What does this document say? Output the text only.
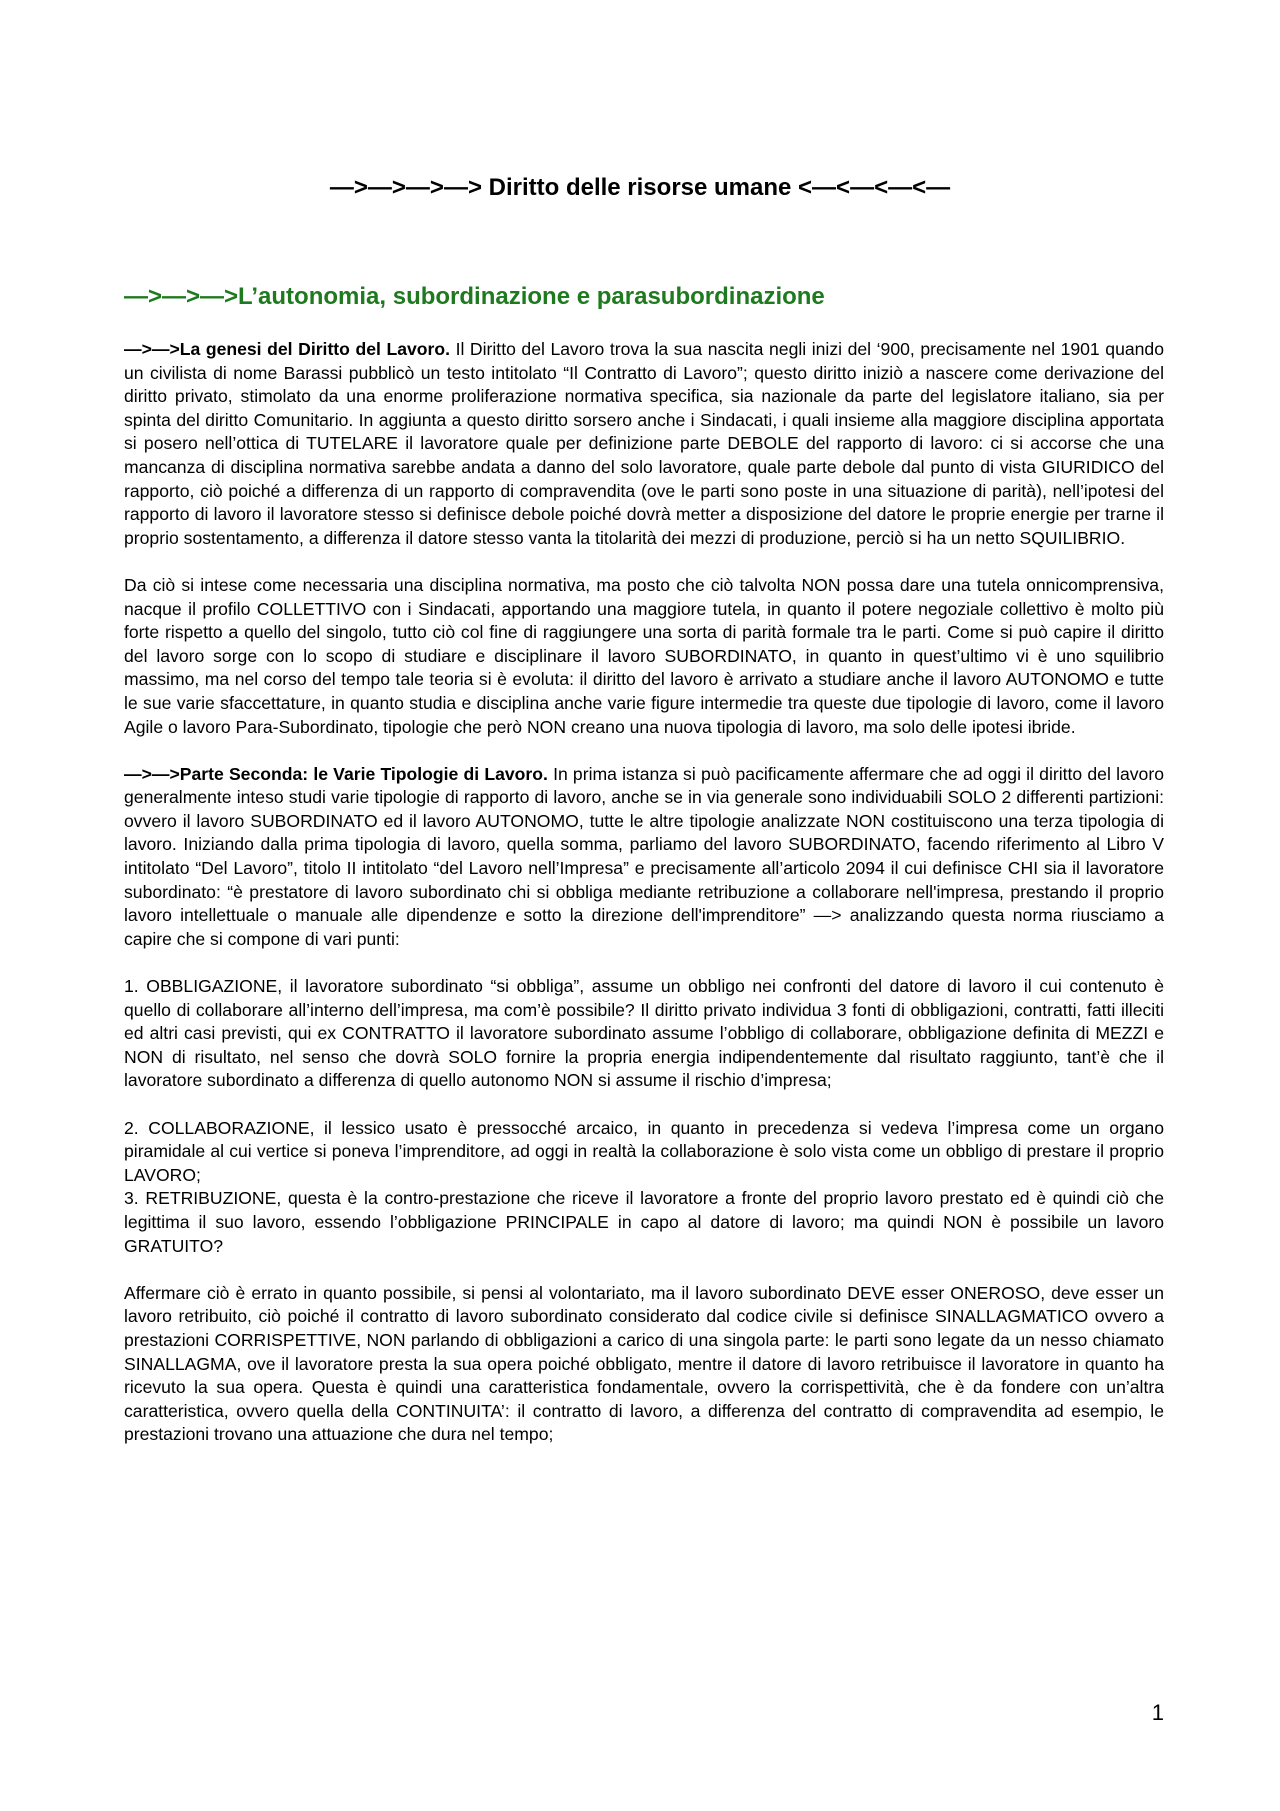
—>—>—>—> Diritto delle risorse umane <—<—<—<—
—>—>—>L’autonomia, subordinazione e parasubordinazione

—>—>La genesi del Diritto del Lavoro. Il Diritto del Lavoro trova la sua nascita negli inizi del ‘900, precisamente nel 1901 quando un civilista di nome Barassi pubblicò un testo intitolato “Il Contratto di Lavoro”; questo diritto iniziò a nascere come derivazione del diritto privato, stimolato da una enorme proliferazione normativa specifica, sia nazionale da parte del legislatore italiano, sia per spinta del diritto Comunitario. In aggiunta a questo diritto sorsero anche i Sindacati, i quali insieme alla maggiore disciplina apportata si posero nell’ottica di TUTELARE il lavoratore quale per definizione parte DEBOLE del rapporto di lavoro: ci si accorse che una mancanza di disciplina normativa sarebbe andata a danno del solo lavoratore, quale parte debole dal punto di vista GIURIDICO del rapporto, ciò poiché a differenza di un rapporto di compravendita (ove le parti sono poste in una situazione di parità), nell’ipotesi del rapporto di lavoro il lavoratore stesso si definisce debole poiché dovrà metter a disposizione del datore le proprie energie per trarne il proprio sostentamento, a differenza il datore stesso vanta la titolarità dei mezzi di produzione, perciò si ha un netto SQUILIBRIO.

Da ciò si intese come necessaria una disciplina normativa, ma posto che ciò talvolta NON possa dare una tutela onnicomprensiva, nacque il profilo COLLETTIVO con i Sindacati, apportando una maggiore tutela, in quanto il potere negoziale collettivo è molto più forte rispetto a quello del singolo, tutto ciò col fine di raggiungere una sorta di parità formale tra le parti. Come si può capire il diritto del lavoro sorge con lo scopo di studiare e disciplinare il lavoro SUBORDINATO, in quanto in quest’ultimo vi è uno squilibrio massimo, ma nel corso del tempo tale teoria si è evoluta: il diritto del lavoro è arrivato a studiare anche il lavoro AUTONOMO e tutte le sue varie sfaccettature, in quanto studia e disciplina anche varie figure intermedie tra queste due tipologie di lavoro, come il lavoro Agile o lavoro Para-Subordinato, tipologie che però NON creano una nuova tipologia di lavoro, ma solo delle ipotesi ibride.

—>—>Parte Seconda: le Varie Tipologie di Lavoro. In prima istanza si può pacificamente affermare che ad oggi il diritto del lavoro generalmente inteso studi varie tipologie di rapporto di lavoro, anche se in via generale sono individuabili SOLO 2 differenti partizioni: ovvero il lavoro SUBORDINATO ed il lavoro AUTONOMO, tutte le altre tipologie analizzate NON costituiscono una terza tipologia di lavoro. Iniziando dalla prima tipologia di lavoro, quella somma, parliamo del lavoro SUBORDINATO, facendo riferimento al Libro V intitolato “Del Lavoro”, titolo II intitolato “del Lavoro nell’Impresa” e precisamente all’articolo 2094 il cui definisce CHI sia il lavoratore subordinato: “è prestatore di lavoro subordinato chi si obbliga mediante retribuzione a collaborare nell'impresa, prestando il proprio lavoro intellettuale o manuale alle dipendenze e sotto la direzione dell'imprenditore” —> analizzando questa norma riusciamo a capire che si compone di vari punti:

1. OBBLIGAZIONE, il lavoratore subordinato “si obbliga”, assume un obbligo nei confronti del datore di lavoro il cui contenuto è quello di collaborare all’interno dell’impresa, ma com’è possibile? Il diritto privato individua 3 fonti di obbligazioni, contratti, fatti illeciti ed altri casi previsti, qui ex CONTRATTO il lavoratore subordinato assume l’obbligo di collaborare, obbligazione definita di MEZZI e NON di risultato, nel senso che dovrà SOLO fornire la propria energia indipendentemente dal risultato raggiunto, tant’è che il lavoratore subordinato a differenza di quello autonomo NON si assume il rischio d’impresa;

2. COLLABORAZIONE, il lessico usato è pressocché arcaico, in quanto in precedenza si vedeva l’impresa come un organo piramidale al cui vertice si poneva l’imprenditore, ad oggi in realtà la collaborazione è solo vista come un obbligo di prestare il proprio LAVORO;

3. RETRIBUZIONE, questa è la contro-prestazione che riceve il lavoratore a fronte del proprio lavoro prestato ed è quindi ciò che legittima il suo lavoro, essendo l’obbligazione PRINCIPALE in capo al datore di lavoro; ma quindi NON è possibile un lavoro GRATUITO?

Affermare ciò è errato in quanto possibile, si pensi al volontariato, ma il lavoro subordinato DEVE esser ONEROSO, deve esser un lavoro retribuito, ciò poiché il contratto di lavoro subordinato considerato dal codice civile si definisce SINALLAGMATICO ovvero a prestazioni CORRISPETTIVE, NON parlando di obbligazioni a carico di una singola parte: le parti sono legate da un nesso chiamato SINALLAGMA, ove il lavoratore presta la sua opera poiché obbligato, mentre il datore di lavoro retribuisce il lavoratore in quanto ha ricevuto la sua opera. Questa è quindi una caratteristica fondamentale, ovvero la corrispettività, che è da fondere con un’altra caratteristica, ovvero quella della CONTINUITA’: il contratto di lavoro, a differenza del contratto di compravendita ad esempio, le prestazioni trovano una attuazione che dura nel tempo;

1
